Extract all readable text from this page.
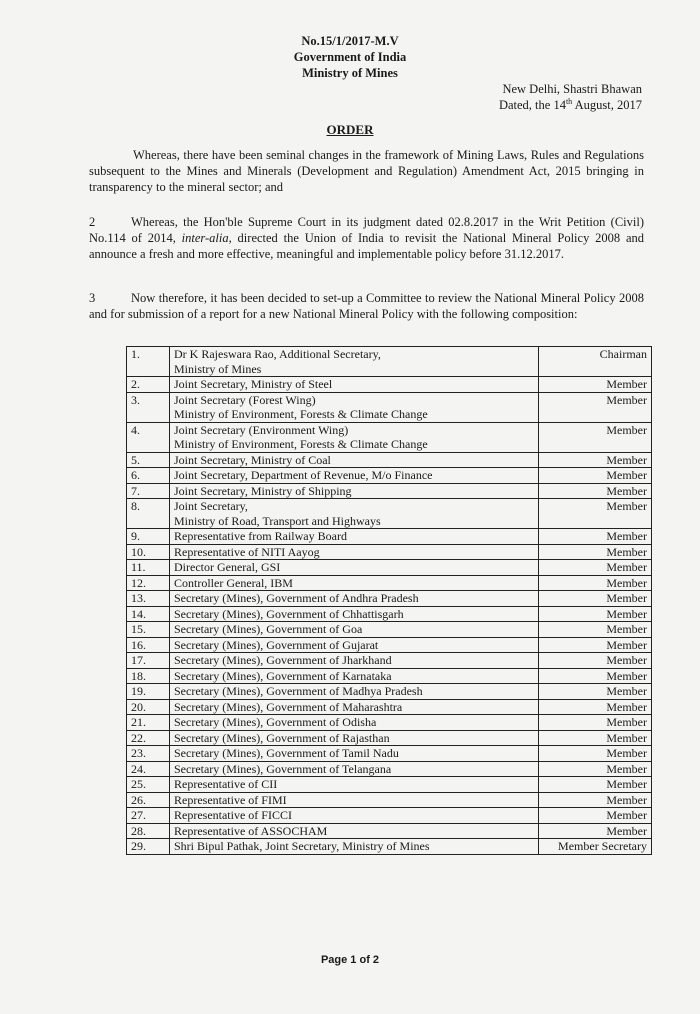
No.15/1/2017-M.V
Government of India
Ministry of Mines
New Delhi, Shastri Bhawan
Dated, the 14th August, 2017
ORDER
Whereas, there have been seminal changes in the framework of Mining Laws, Rules and Regulations subsequent to the Mines and Minerals (Development and Regulation) Amendment Act, 2015 bringing in transparency to the mineral sector; and
2	Whereas, the Hon'ble Supreme Court in its judgment dated 02.8.2017 in the Writ Petition (Civil) No.114 of 2014, inter-alia, directed the Union of India to revisit the National Mineral Policy 2008 and announce a fresh and more effective, meaningful and implementable policy before 31.12.2017.
3	Now therefore, it has been decided to set-up a Committee to review the National Mineral Policy 2008 and for submission of a report for a new National Mineral Policy with the following composition:
1.	Dr K Rajeswara Rao, Additional Secretary,
Ministry of Mines	Chairman
2.	Joint Secretary, Ministry of Steel	Member
3.	Joint Secretary (Forest Wing)
Ministry of Environment, Forests & Climate Change	Member
4.	Joint Secretary (Environment Wing)
Ministry of Environment, Forests & Climate Change	Member
5.	Joint Secretary, Ministry of Coal	Member
6.	Joint Secretary, Department of Revenue, M/o Finance	Member
7.	Joint Secretary, Ministry of Shipping	Member
8.	Joint Secretary,
Ministry of Road, Transport and Highways	Member
9.	Representative from Railway Board	Member
10.	Representative of NITI Aayog	Member
11.	Director General, GSI	Member
12.	Controller General, IBM	Member
13.	Secretary (Mines), Government of Andhra Pradesh	Member
14.	Secretary (Mines), Government of Chhattisgarh	Member
15.	Secretary (Mines), Government of Goa	Member
16.	Secretary (Mines), Government of Gujarat	Member
17.	Secretary (Mines), Government of Jharkhand	Member
18.	Secretary (Mines), Government of Karnataka	Member
19.	Secretary (Mines), Government of Madhya Pradesh	Member
20.	Secretary (Mines), Government of Maharashtra	Member
21.	Secretary (Mines), Government of Odisha	Member
22.	Secretary (Mines), Government of Rajasthan	Member
23.	Secretary (Mines), Government of Tamil Nadu	Member
24.	Secretary (Mines), Government of Telangana	Member
25.	Representative of CII	Member
26.	Representative of FIMI	Member
27.	Representative of FICCI	Member
28.	Representative of ASSOCHAM	Member
29.	Shri Bipul Pathak, Joint Secretary, Ministry of Mines	Member Secretary
Page 1 of 2
